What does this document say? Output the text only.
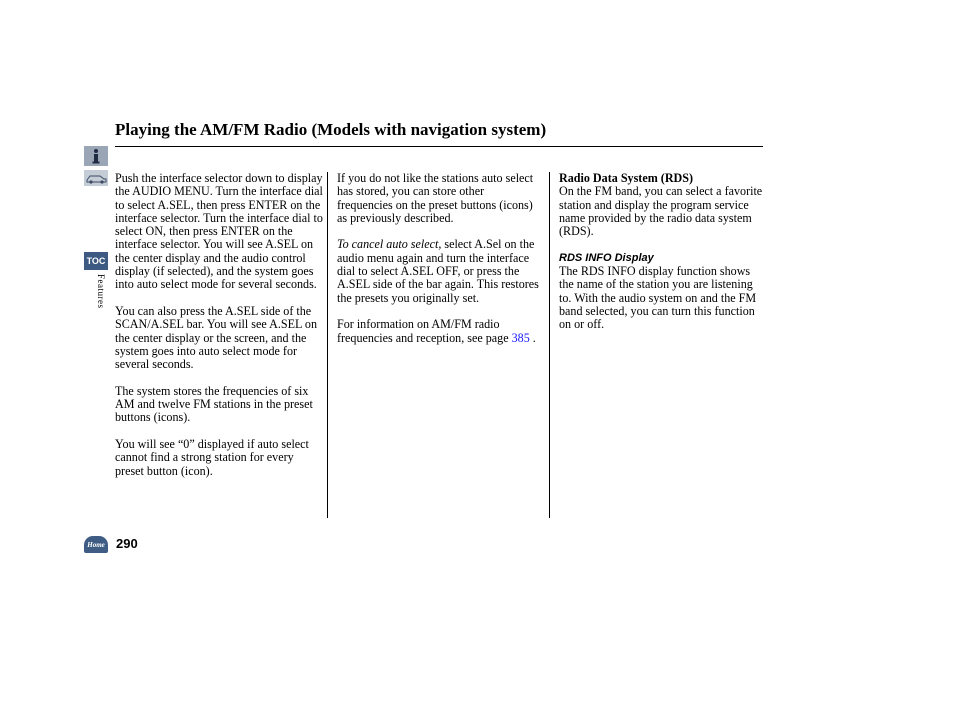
Playing the AM/FM Radio (Models with navigation system)
TOC
Features
Home 290

Push the interface selector down to display the AUDIO MENU. Turn the interface dial to select A.SEL, then press ENTER on the interface selector. Turn the interface dial to select ON, then press ENTER on the interface selector. You will see A.SEL on the center display and the audio control display (if selected), and the system goes into auto select mode for several seconds.

You can also press the A.SEL side of the SCAN/A.SEL bar. You will see A.SEL on the center display or the screen, and the system goes into auto select mode for several seconds.

The system stores the frequencies of six AM and twelve FM stations in the preset buttons (icons).

You will see “0” displayed if auto select cannot find a strong station for every preset button (icon).

If you do not like the stations auto select has stored, you can store other frequencies on the preset buttons (icons) as previously described.

To cancel auto select, select A.Sel on the audio menu again and turn the interface dial to select A.SEL OFF, or press the A.SEL side of the bar again. This restores the presets you originally set.

For information on AM/FM radio frequencies and reception, see page 385 .

Radio Data System (RDS)

On the FM band, you can select a favorite station and display the program service name provided by the radio data system (RDS).

RDS INFO Display

The RDS INFO display function shows the name of the station you are listening to. With the audio system on and the FM band selected, you can turn this function on or off.
